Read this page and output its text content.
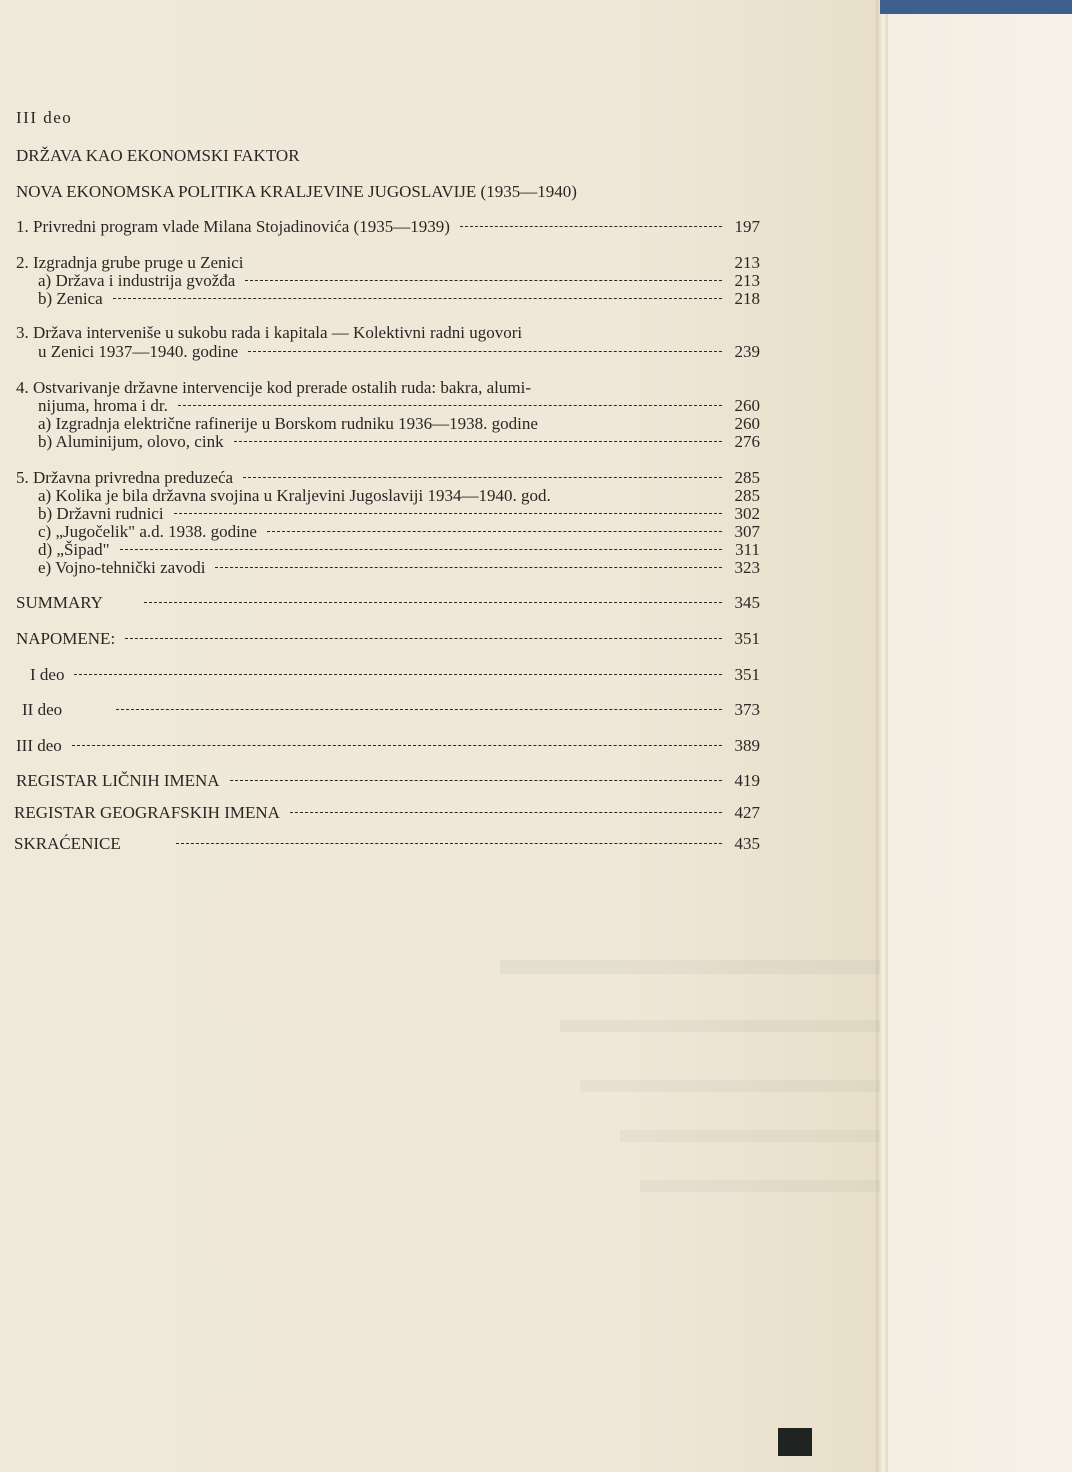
III deo
DRŽAVA KAO EKONOMSKI FAKTOR
NOVA EKONOMSKA POLITIKA KRALJEVINE JUGOSLAVIJE (1935—1940)
1. Privredni program vlade Milana Stojadinovića (1935—1939)	197
2. Izgradnja grube pruge u Zenici	213
a) Država i industrija gvožđa	213
b) Zenica	218
3. Država interveniše u sukobu rada i kapitala — Kolektivni radni ugovori
u Zenici 1937—1940. godine	239
4. Ostvarivanje državne intervencije kod prerade ostalih ruda: bakra, alumi-
nijuma, hroma i dr.	260
a) Izgradnja električne rafinerije u Borskom rudniku 1936—1938. godine	260
b) Aluminijum, olovo, cink	276
5. Državna privredna preduzeća	285
a) Kolika je bila državna svojina u Kraljevini Jugoslaviji 1934—1940. god.	285
b) Državni rudnici	302
c) „Jugočelik" a.d. 1938. godine	307
d) „Šipad"	311
e) Vojno-tehnički zavodi	323
SUMMARY	345
NAPOMENE:	351
I deo	351
II deo	373
III deo	389
REGISTAR LIČNIH IMENA	419
REGISTAR GEOGRAFSKIH IMENA	427
SKRAĆENICE	435
